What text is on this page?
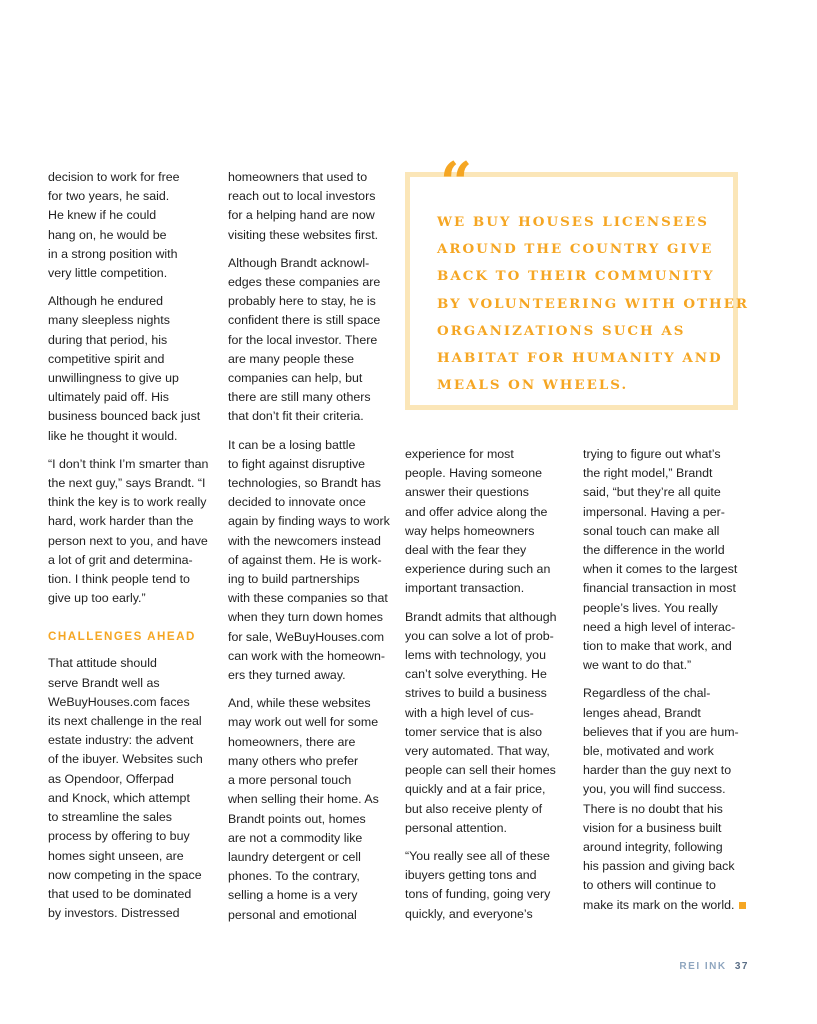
decision to work for free
for two years, he said.
He knew if he could
hang on, he would be
in a strong position with
very little competition.

Although he endured
many sleepless nights
during that period, his
competitive spirit and
unwillingness to give up
ultimately paid off. His
business bounced back just
like he thought it would.

“I don’t think I’m smarter than
the next guy,” says Brandt. “I
think the key is to work really
hard, work harder than the
person next to you, and have
a lot of grit and determina-
tion. I think people tend to
give up too early.”

CHALLENGES AHEAD

That attitude should
serve Brandt well as
WeBuyHouses.com faces
its next challenge in the real
estate industry: the advent
of the ibuyer. Websites such
as Opendoor, Offerpad
and Knock, which attempt
to streamline the sales
process by offering to buy
homes sight unseen, are
now competing in the space
that used to be dominated
by investors. Distressed

homeowners that used to
reach out to local investors
for a helping hand are now
visiting these websites first.

Although Brandt acknowl-
edges these companies are
probably here to stay, he is
confident there is still space
for the local investor. There
are many people these
companies can help, but
there are still many others
that don’t fit their criteria.

It can be a losing battle
to fight against disruptive
technologies, so Brandt has
decided to innovate once
again by finding ways to work
with the newcomers instead
of against them. He is work-
ing to build partnerships
with these companies so that
when they turn down homes
for sale, WeBuyHouses.com
can work with the homeown-
ers they turned away.

And, while these websites
may work out well for some
homeowners, there are
many others who prefer
a more personal touch
when selling their home. As
Brandt points out, homes
are not a commodity like
laundry detergent or cell
phones. To the contrary,
selling a home is a very
personal and emotional

“
WE BUY HOUSES LICENSEES
AROUND THE COUNTRY GIVE
BACK TO THEIR COMMUNITY
BY VOLUNTEERING WITH OTHER
ORGANIZATIONS SUCH AS
HABITAT FOR HUMANITY AND
MEALS ON WHEELS.

experience for most
people. Having someone
answer their questions
and offer advice along the
way helps homeowners
deal with the fear they
experience during such an
important transaction.

Brandt admits that although
you can solve a lot of prob-
lems with technology, you
can’t solve everything. He
strives to build a business
with a high level of cus-
tomer service that is also
very automated. That way,
people can sell their homes
quickly and at a fair price,
but also receive plenty of
personal attention.

“You really see all of these
ibuyers getting tons and
tons of funding, going very
quickly, and everyone’s

trying to figure out what’s
the right model,” Brandt
said, “but they’re all quite
impersonal. Having a per-
sonal touch can make all
the difference in the world
when it comes to the largest
financial transaction in most
people’s lives. You really
need a high level of interac-
tion to make that work, and
we want to do that.”

Regardless of the chal-
lenges ahead, Brandt
believes that if you are hum-
ble, motivated and work
harder than the guy next to
you, you will find success.
There is no doubt that his
vision for a business built
around integrity, following
his passion and giving back
to others will continue to
make its mark on the world.

REI INK 37
